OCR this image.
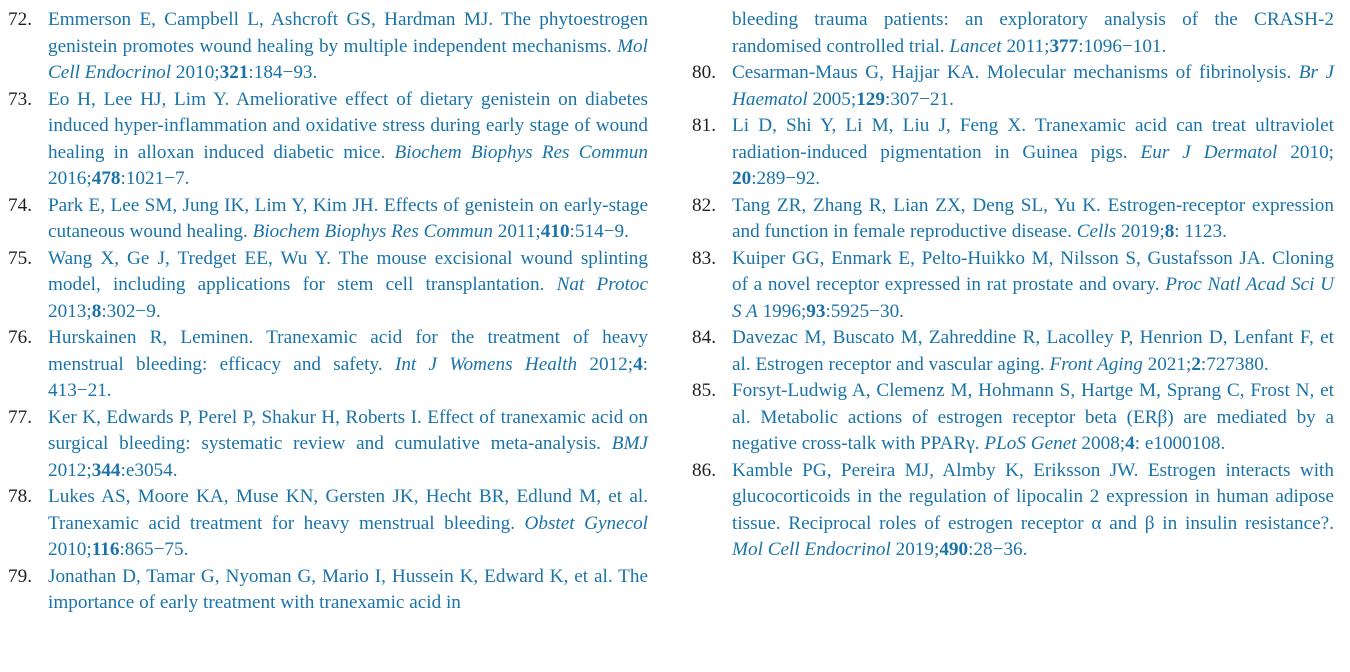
72. Emmerson E, Campbell L, Ashcroft GS, Hardman MJ. The phytoestrogen genistein promotes wound healing by multiple independent mechanisms. Mol Cell Endocrinol 2010;321:184−93.
73. Eo H, Lee HJ, Lim Y. Ameliorative effect of dietary genistein on diabetes induced hyper-inflammation and oxidative stress during early stage of wound healing in alloxan induced diabetic mice. Biochem Biophys Res Commun 2016;478:1021−7.
74. Park E, Lee SM, Jung IK, Lim Y, Kim JH. Effects of genistein on early-stage cutaneous wound healing. Biochem Biophys Res Commun 2011;410:514−9.
75. Wang X, Ge J, Tredget EE, Wu Y. The mouse excisional wound splinting model, including applications for stem cell transplantation. Nat Protoc 2013;8:302−9.
76. Hurskainen R, Leminen. Tranexamic acid for the treatment of heavy menstrual bleeding: efficacy and safety. Int J Womens Health 2012;4: 413−21.
77. Ker K, Edwards P, Perel P, Shakur H, Roberts I. Effect of tranexamic acid on surgical bleeding: systematic review and cumulative meta-analysis. BMJ 2012;344:e3054.
78. Lukes AS, Moore KA, Muse KN, Gersten JK, Hecht BR, Edlund M, et al. Tranexamic acid treatment for heavy menstrual bleeding. Obstet Gynecol 2010;116:865−75.
79. Jonathan D, Tamar G, Nyoman G, Mario I, Hussein K, Edward K, et al. The importance of early treatment with tranexamic acid in
bleeding trauma patients: an exploratory analysis of the CRASH-2 randomised controlled trial. Lancet 2011;377:1096−101.
80. Cesarman-Maus G, Hajjar KA. Molecular mechanisms of fibrinolysis. Br J Haematol 2005;129:307−21.
81. Li D, Shi Y, Li M, Liu J, Feng X. Tranexamic acid can treat ultraviolet radiation-induced pigmentation in Guinea pigs. Eur J Dermatol 2010; 20:289−92.
82. Tang ZR, Zhang R, Lian ZX, Deng SL, Yu K. Estrogen-receptor expression and function in female reproductive disease. Cells 2019;8: 1123.
83. Kuiper GG, Enmark E, Pelto-Huikko M, Nilsson S, Gustafsson JA. Cloning of a novel receptor expressed in rat prostate and ovary. Proc Natl Acad Sci U S A 1996;93:5925−30.
84. Davezac M, Buscato M, Zahreddine R, Lacolley P, Henrion D, Lenfant F, et al. Estrogen receptor and vascular aging. Front Aging 2021;2:727380.
85. Forsyt-Ludwig A, Clemenz M, Hohmann S, Hartge M, Sprang C, Frost N, et al. Metabolic actions of estrogen receptor beta (ERβ) are mediated by a negative cross-talk with PPARγ. PLoS Genet 2008;4: e1000108.
86. Kamble PG, Pereira MJ, Almby K, Eriksson JW. Estrogen interacts with glucocorticoids in the regulation of lipocalin 2 expression in human adipose tissue. Reciprocal roles of estrogen receptor α and β in insulin resistance?. Mol Cell Endocrinol 2019;490:28−36.
